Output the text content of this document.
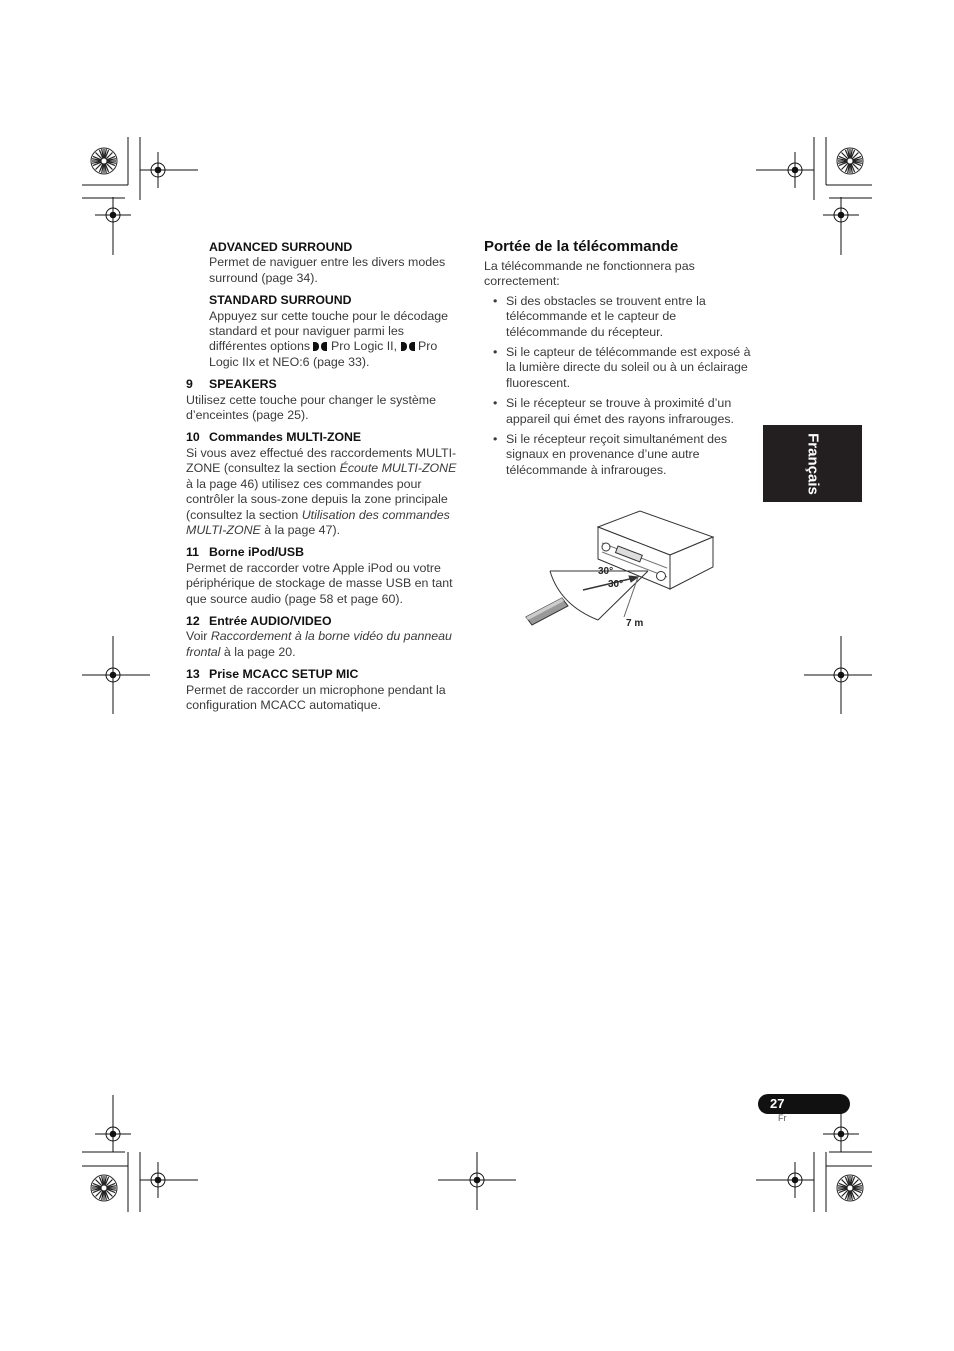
ADVANCED SURROUND

Permet de naviguer entre les divers modes surround (page 34).

STANDARD SURROUND

Appuyez sur cette touche pour le décodage standard et pour naviguer parmi les différentes options Pro Logic II, Pro Logic IIx et NEO:6 (page 33).

9 SPEAKERS

Utilisez cette touche pour changer le système d’enceintes (page 25).

10 Commandes MULTI-ZONE

Si vous avez effectué des raccordements MULTI-ZONE (consultez la section Écoute MULTI-ZONE à la page 46) utilisez ces commandes pour contrôler la sous-zone depuis la zone principale (consultez la section Utilisation des commandes MULTI-ZONE à la page 47).

11 Borne iPod/USB

Permet de raccorder votre Apple iPod ou votre périphérique de stockage de masse USB en tant que source audio (page 58 et page 60).

12 Entrée AUDIO/VIDEO

Voir Raccordement à la borne vidéo du panneau frontal à la page 20.

13 Prise MCACC SETUP MIC

Permet de raccorder un microphone pendant la configuration MCACC automatique.

Portée de la télécommande

La télécommande ne fonctionnera pas correctement:

• Si des obstacles se trouvent entre la télécommande et le capteur de télécommande du récepteur.
• Si le capteur de télécommande est exposé à la lumière directe du soleil ou à un éclairage fluorescent.
• Si le récepteur se trouve à proximité d’un appareil qui émet des rayons infrarouges.
• Si le récepteur reçoit simultanément des signaux en provenance d’une autre télécommande à infrarouges.
30°
30°
7 m
Français
27
Fr
